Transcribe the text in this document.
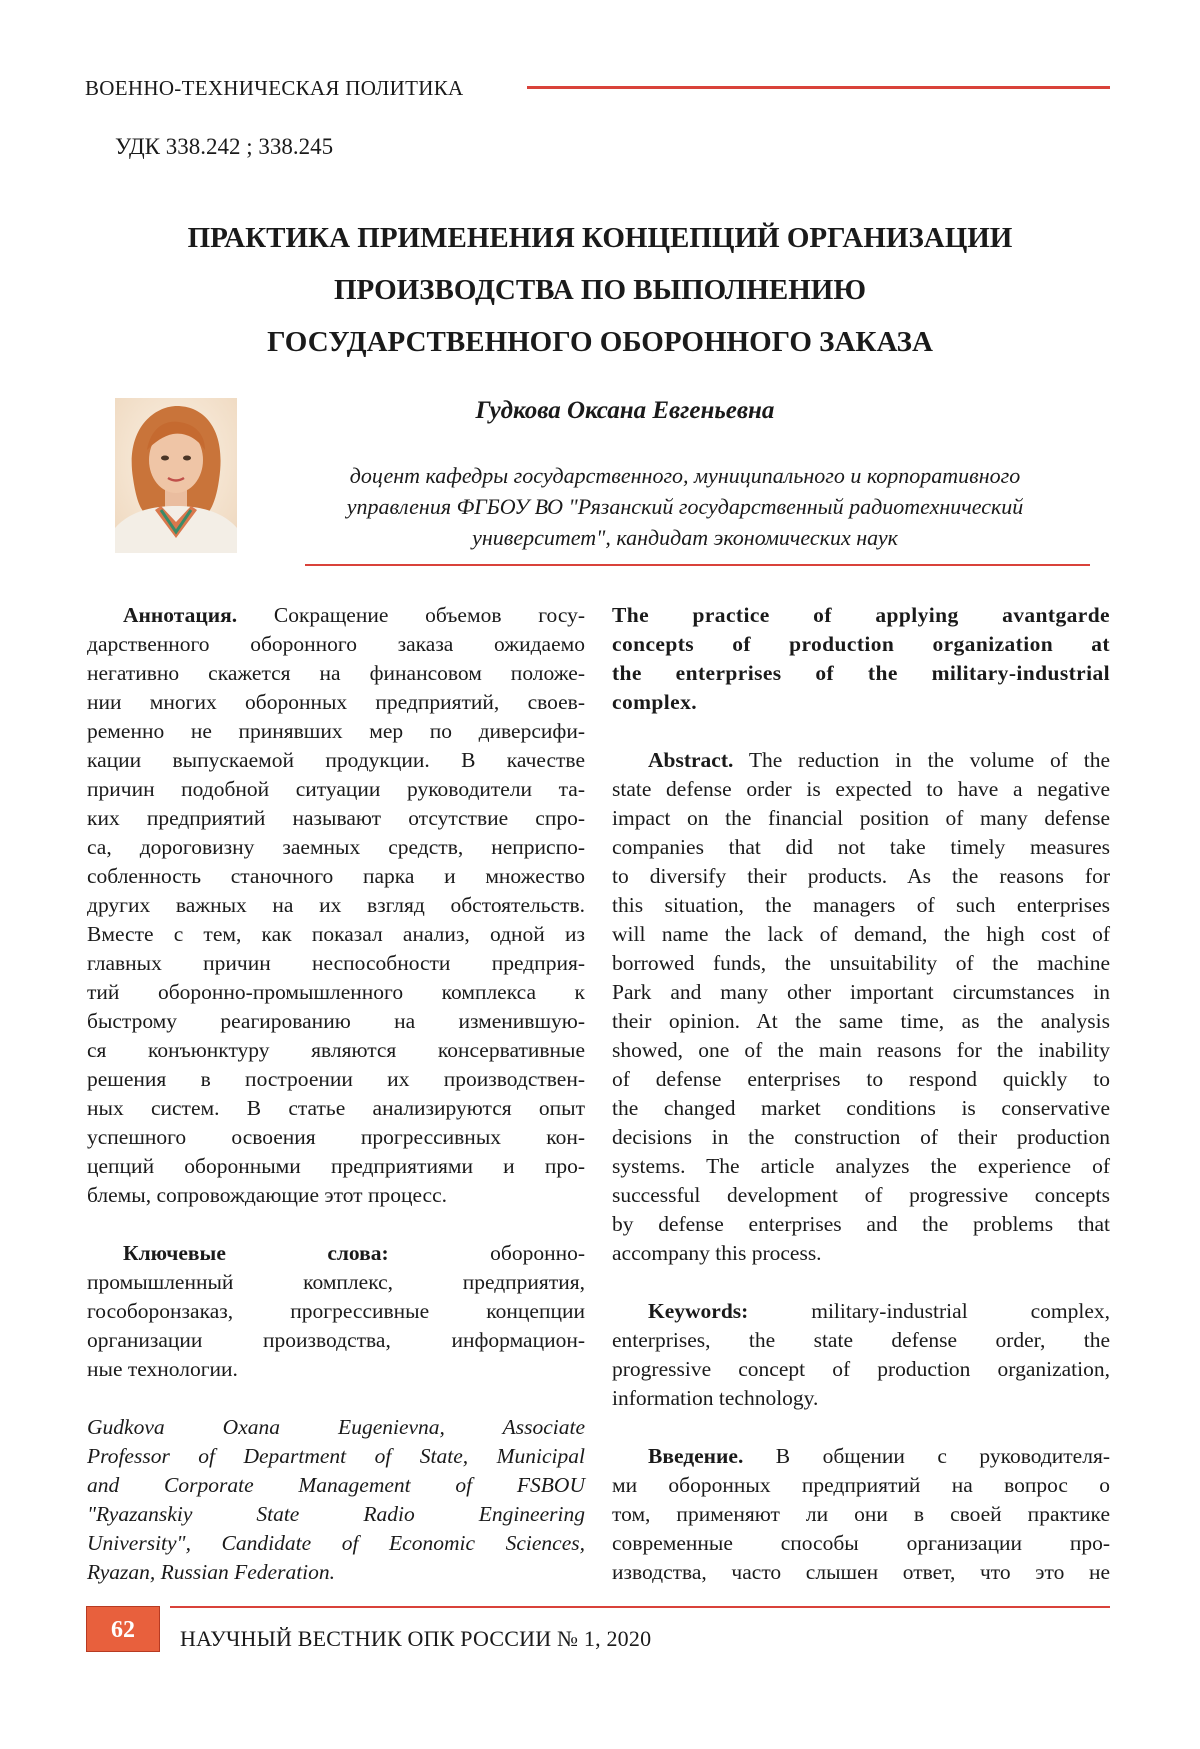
ВОЕННО-ТЕХНИЧЕСКАЯ ПОЛИТИКА
УДК 338.242 ; 338.245
ПРАКТИКА ПРИМЕНЕНИЯ КОНЦЕПЦИЙ ОРГАНИЗАЦИИ
ПРОИЗВОДСТВА ПО ВЫПОЛНЕНИЮ
ГОСУДАРСТВЕННОГО ОБОРОННОГО ЗАКАЗА
Гудкова Оксана Евгеньевна
доцент кафедры государственного, муниципального и корпоративного
управления ФГБОУ ВО "Рязанский государственный радиотехнический
университет", кандидат экономических наук
Аннотация. Сокращение объемов госу-
дарственного оборонного заказа ожидаемо
негативно скажется на финансовом положе-
нии многих оборонных предприятий, своев-
ременно не принявших мер по диверсифи-
кации выпускаемой продукции. В качестве
причин подобной ситуации руководители та-
ких предприятий называют отсутствие спро-
са, дороговизну заемных средств, неприспо-
собленность станочного парка и множество
других важных на их взгляд обстоятельств.
Вместе с тем, как показал анализ, одной из
главных причин неспособности предприя-
тий оборонно-промышленного комплекса к
быстрому реагированию на изменившую-
ся конъюнктуру являются консервативные
решения в построении их производствен-
ных систем. В статье анализируются опыт
успешного освоения прогрессивных кон-
цепций оборонными предприятиями и про-
блемы, сопровождающие этот процесс.
Ключевые слова: оборонно-
промышленный комплекс, предприятия,
гособоронзаказ, прогрессивные концепции
организации производства, информацион-
ные технологии.
Gudkova Oxana Eugenievna, Associate
Professor of Department of State, Municipal
and Corporate Management of FSBOU
"Ryazanskiy State Radio Engineering
University", Candidate of Economic Sciences,
Ryazan, Russian Federation.
The practice of applying avantgarde
concepts of production organization at
the enterprises of the military-industrial
complex.
Abstract. The reduction in the volume of the
state defense order is expected to have a negative
impact on the financial position of many defense
companies that did not take timely measures
to diversify their products. As the reasons for
this situation, the managers of such enterprises
will name the lack of demand, the high cost of
borrowed funds, the unsuitability of the machine
Park and many other important circumstances in
their opinion. At the same time, as the analysis
showed, one of the main reasons for the inability
of defense enterprises to respond quickly to
the changed market conditions is conservative
decisions in the construction of their production
systems. The article analyzes the experience of
successful development of progressive concepts
by defense enterprises and the problems that
accompany this process.
Keywords: military-industrial complex,
enterprises, the state defense order, the
progressive concept of production organization,
information technology.
Введение. В общении с руководителя-
ми оборонных предприятий на вопрос о
том, применяют ли они в своей практике
современные способы организации про-
изводства, часто слышен ответ, что это не
62	НАУЧНЫЙ ВЕСТНИК ОПК РОССИИ № 1, 2020
